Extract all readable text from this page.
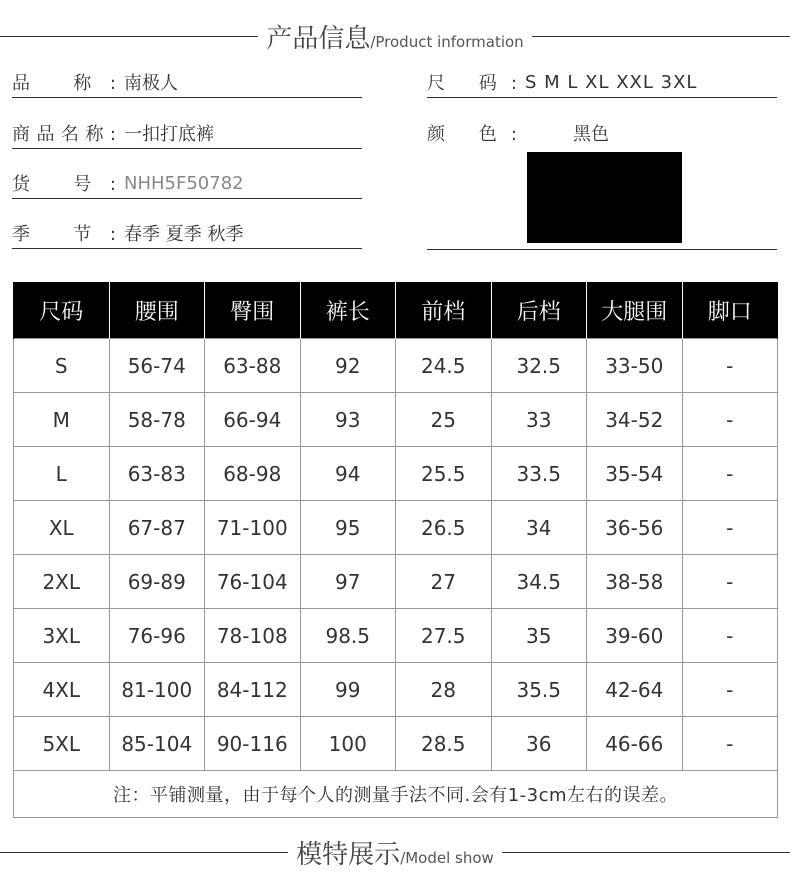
产品信息 /Product information
品 称: 南极人
商品名称: 一扣打底裤
货 号: NHH5F50782
季 节: 春季 夏季 秋季
尺 码: S M L XL XXL 3XL
颜 色:	黑色
尺码	腰围	臀围	裤长	前档	后档	大腿围	脚口
S	56-74	63-88	92	24.5	32.5	33-50	-
M	58-78	66-94	93	25	33	34-52	-
L	63-83	68-98	94	25.5	33.5	35-54	-
XL	67-87	71-100	95	26.5	34	36-56	-
2XL	69-89	76-104	97	27	34.5	38-58	-
3XL	76-96	78-108	98.5	27.5	35	39-60	-
4XL	81-100	84-112	99	28	35.5	42-64	-
5XL	85-104	90-116	100	28.5	36	46-66	-
注：平铺测量，由于每个人的测量手法不同.会有1-3cm左右的误差。							
模特展示 /Model show
